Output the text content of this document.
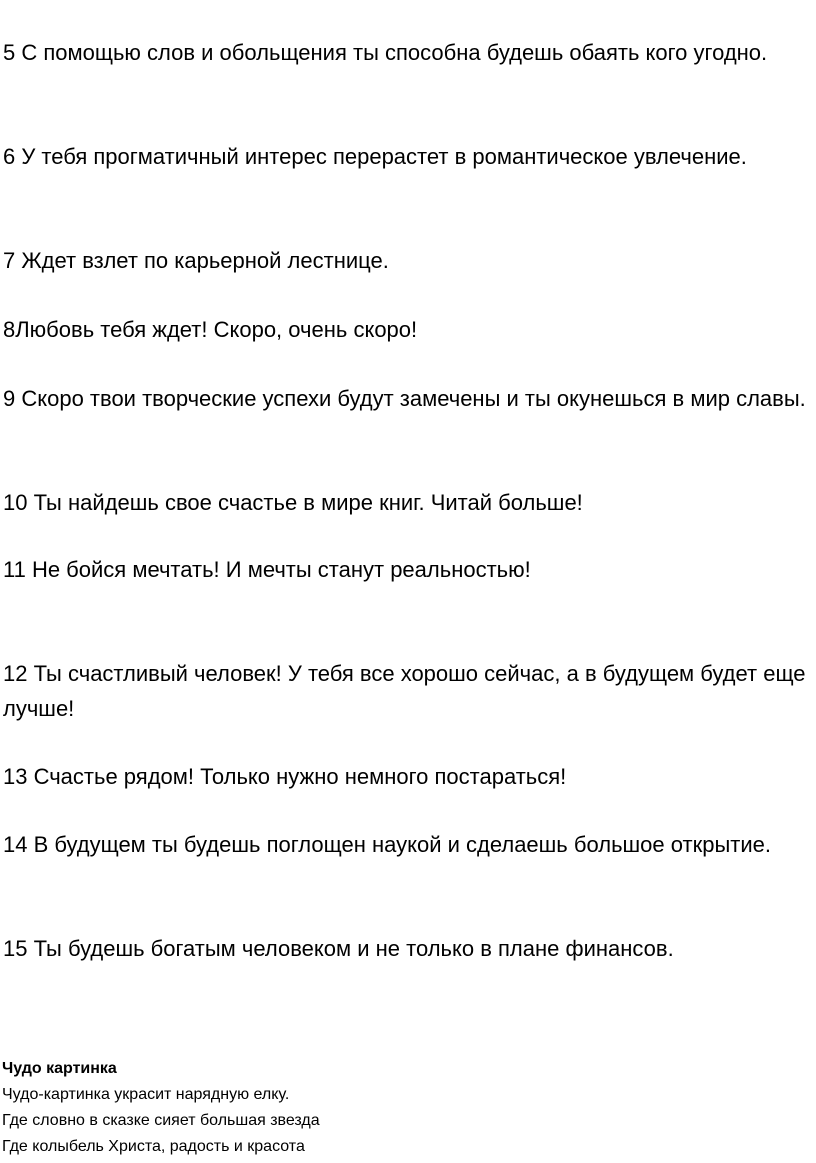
5 С помощью слов и обольщения ты способна будешь обаять кого угодно.

6 У тебя прогматичный интерес перерастет в романтическое увлечение.

7 Ждет взлет по карьерной лестнице.

8Любовь тебя ждет! Скоро, очень скоро!

9 Скоро твои творческие успехи будут замечены и ты окунешься в мир славы.

10 Ты найдешь свое счастье в мире книг. Читай больше!

11 Не бойся мечтать! И мечты станут реальностью!

12 Ты счастливый человек! У тебя все хорошо сейчас, а в будущем будет еще лучше!

13 Счастье рядом! Только нужно немного постараться!

14 В будущем ты будешь поглощен наукой и сделаешь большое открытие.

15 Ты будешь богатым человеком и не только в плане финансов.

Чудо картинка

Чудо-картинка украсит нарядную елку.

Где словно в сказке сияет большая звезда

Где колыбель Христа, радость и красота
